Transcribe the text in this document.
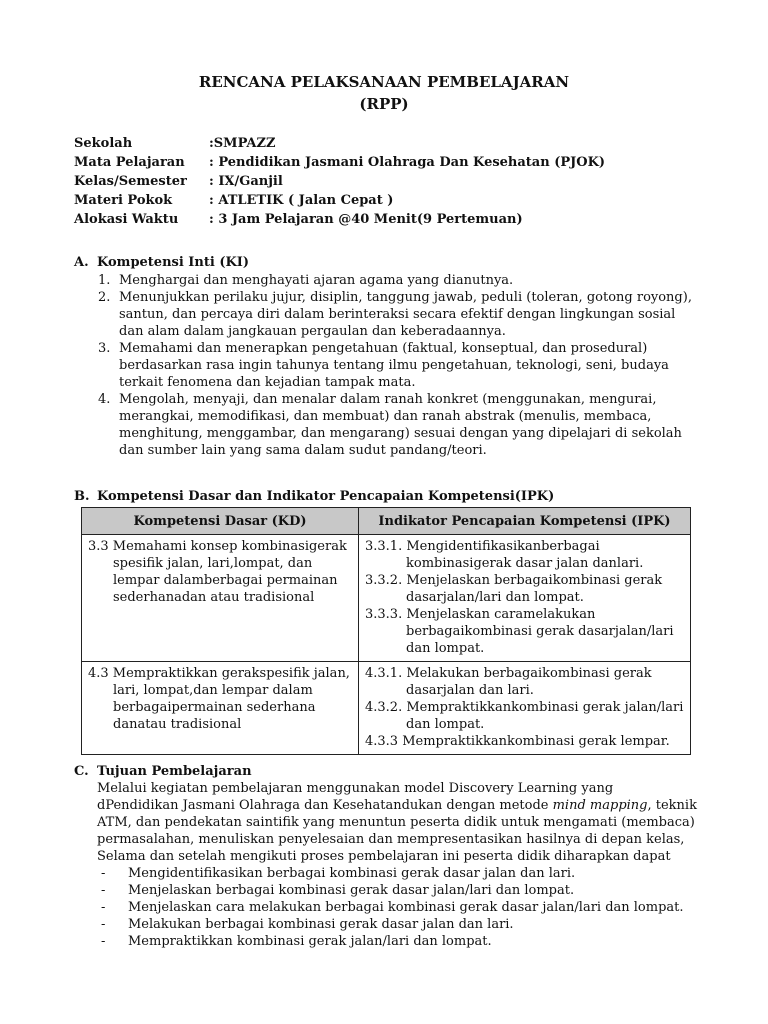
RENCANA PELAKSANAAN PEMBELAJARAN
(RPP)
Sekolah	:SMPAZZ
Mata Pelajaran	: Pendidikan Jasmani Olahraga Dan Kesehatan (PJOK)
Kelas/Semester	: IX/Ganjil
Materi Pokok	: ATLETIK ( Jalan Cepat )
Alokasi Waktu	: 3 Jam Pelajaran @40 Menit(9 Pertemuan)
A. Kompetensi Inti (KI)
1. Menghargai dan menghayati ajaran agama yang dianutnya.
2. Menunjukkan perilaku jujur, disiplin, tanggung jawab, peduli (toleran, gotong royong), santun, dan percaya diri dalam berinteraksi secara efektif dengan lingkungan sosial dan alam dalam jangkauan pergaulan dan keberadaannya.
3. Memahami dan menerapkan pengetahuan (faktual, konseptual, dan prosedural) berdasarkan rasa ingin tahunya tentang ilmu pengetahuan, teknologi, seni, budaya terkait fenomena dan kejadian tampak mata.
4. Mengolah, menyaji, dan menalar dalam ranah konkret (menggunakan, mengurai, merangkai, memodifikasi, dan membuat) dan ranah abstrak (menulis, membaca, menghitung, menggambar, dan mengarang) sesuai dengan yang dipelajari di sekolah dan sumber lain yang sama dalam sudut pandang/teori.
B. Kompetensi Dasar dan Indikator Pencapaian Kompetensi(IPK)
Kompetensi Dasar (KD)	Indikator Pencapaian Kompetensi (IPK)

3.3 Memahami konsep kombinasigerak spesifik jalan, lari,lompat, dan lempar dalamberbagai permainan sederhanadan atau tradisional	3.3.1. Mengidentifikasikanberbagai kombinasigerak dasar jalan danlari.
3.3.2. Menjelaskan berbagaikombinasi gerak dasarjalan/lari dan lompat.
3.3.3. Menjelaskan caramelakukan berbagaikombinasi gerak dasarjalan/lari dan lompat.

4.3 Mempraktikkan gerakspesifik jalan, lari, lompat,dan lempar dalam berbagaipermainan sederhana danatau tradisional	4.3.1. Melakukan berbagaikombinasi gerak dasarjalan dan lari.
4.3.2. Mempraktikkankombinasi gerak jalan/lari dan lompat.
4.3.3 Mempraktikkankombinasi gerak lempar.
C. Tujuan Pembelajaran

Melalui kegiatan pembelajaran menggunakan model Discovery Learning yang dPendidikan Jasmani Olahraga dan Kesehatandukan dengan metode mind mapping, teknik ATM, dan pendekatan saintifik yang menuntun peserta didik untuk mengamati (membaca) permasalahan, menuliskan penyelesaian dan mempresentasikan hasilnya di depan kelas, Selama dan setelah mengikuti proses pembelajaran ini peserta didik diharapkan dapat

- Mengidentifikasikan berbagai kombinasi gerak dasar jalan dan lari.
- Menjelaskan berbagai kombinasi gerak dasar jalan/lari dan lompat.
- Menjelaskan cara melakukan berbagai kombinasi gerak dasar jalan/lari dan lompat.
- Melakukan berbagai kombinasi gerak dasar jalan dan lari.
- Mempraktikkan kombinasi gerak jalan/lari dan lompat.
